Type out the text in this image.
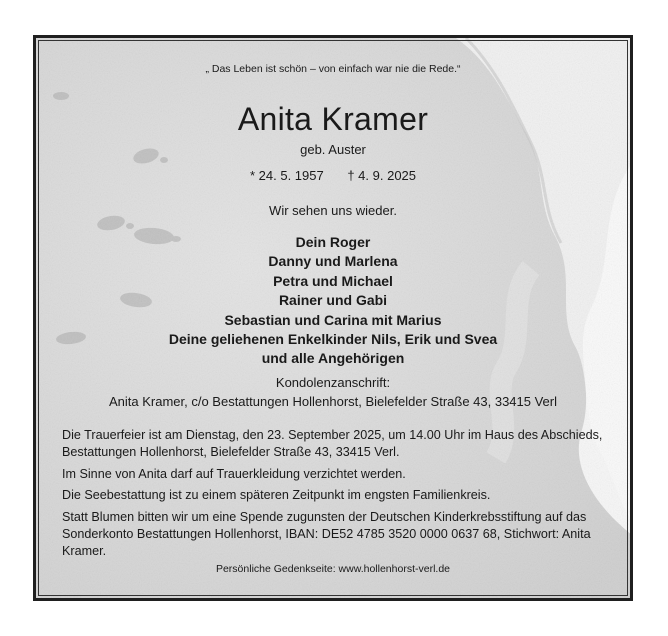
„ Das Leben ist schön – von einfach war nie die Rede.“
Anita Kramer
geb. Auster
* 24. 5. 1957 † 4. 9. 2025
Wir sehen uns wieder.
Dein Roger
Danny und Marlena
Petra und Michael
Rainer und Gabi
Sebastian und Carina mit Marius
Deine geliehenen Enkelkinder Nils, Erik und Svea
und alle Angehörigen
Kondolenzanschrift:
Anita Kramer, c/o Bestattungen Hollenhorst, Bielefelder Straße 43, 33415 Verl

Die Trauerfeier ist am Dienstag, den 23. September 2025, um 14.00 Uhr im Haus des Abschieds, Bestattungen Hollenhorst, Bielefelder Straße 43, 33415 Verl.

Im Sinne von Anita darf auf Trauerkleidung verzichtet werden.

Die Seebestattung ist zu einem späteren Zeitpunkt im engsten Familienkreis.

Statt Blumen bitten wir um eine Spende zugunsten der Deutschen Kinderkrebsstiftung auf das Sonderkonto Bestattungen Hollenhorst, IBAN: DE52 4785 3520 0000 0637 68, Stichwort: Anita Kramer.

Persönliche Gedenkseite: www.hollenhorst-verl.de
